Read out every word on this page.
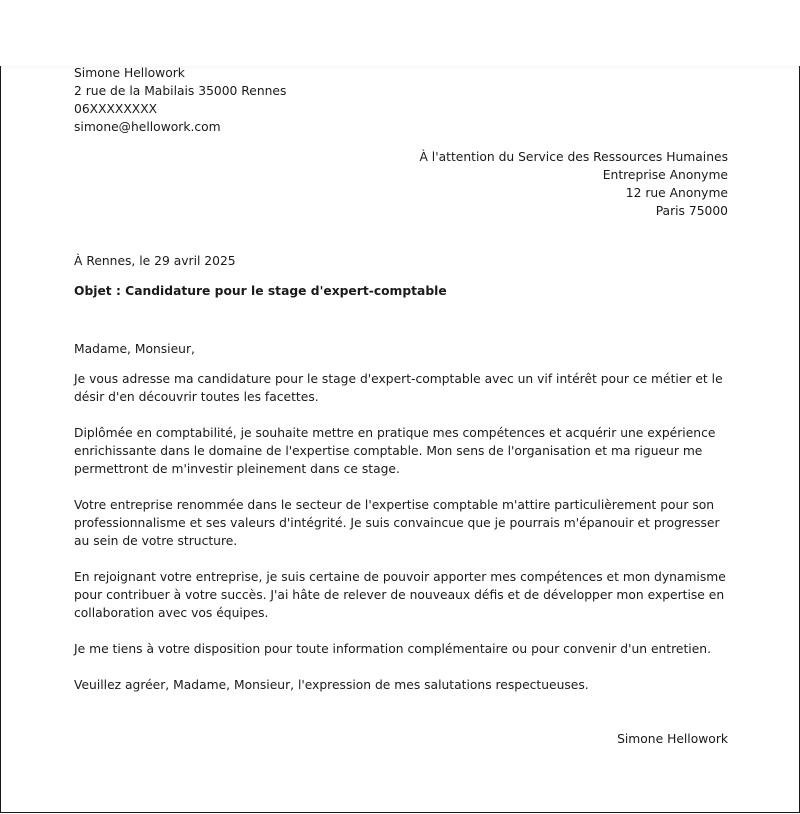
Simone Hellowork
2 rue de la Mabilais 35000 Rennes
06XXXXXXXX
simone@hellowork.com
À l'attention du Service des Ressources Humaines
Entreprise Anonyme
12 rue Anonyme
Paris 75000
À Rennes, le 29 avril 2025
Objet : Candidature pour le stage d'expert-comptable
Madame, Monsieur,

Je vous adresse ma candidature pour le stage d'expert-comptable avec un vif intérêt pour ce métier et le désir d'en découvrir toutes les facettes.

Diplômée en comptabilité, je souhaite mettre en pratique mes compétences et acquérir une expérience enrichissante dans le domaine de l'expertise comptable. Mon sens de l'organisation et ma rigueur me permettront de m'investir pleinement dans ce stage.

Votre entreprise renommée dans le secteur de l'expertise comptable m'attire particulièrement pour son professionnalisme et ses valeurs d'intégrité. Je suis convaincue que je pourrais m'épanouir et progresser au sein de votre structure.

En rejoignant votre entreprise, je suis certaine de pouvoir apporter mes compétences et mon dynamisme pour contribuer à votre succès. J'ai hâte de relever de nouveaux défis et de développer mon expertise en collaboration avec vos équipes.

Je me tiens à votre disposition pour toute information complémentaire ou pour convenir d'un entretien.

Veuillez agréer, Madame, Monsieur, l'expression de mes salutations respectueuses.

Simone Hellowork
